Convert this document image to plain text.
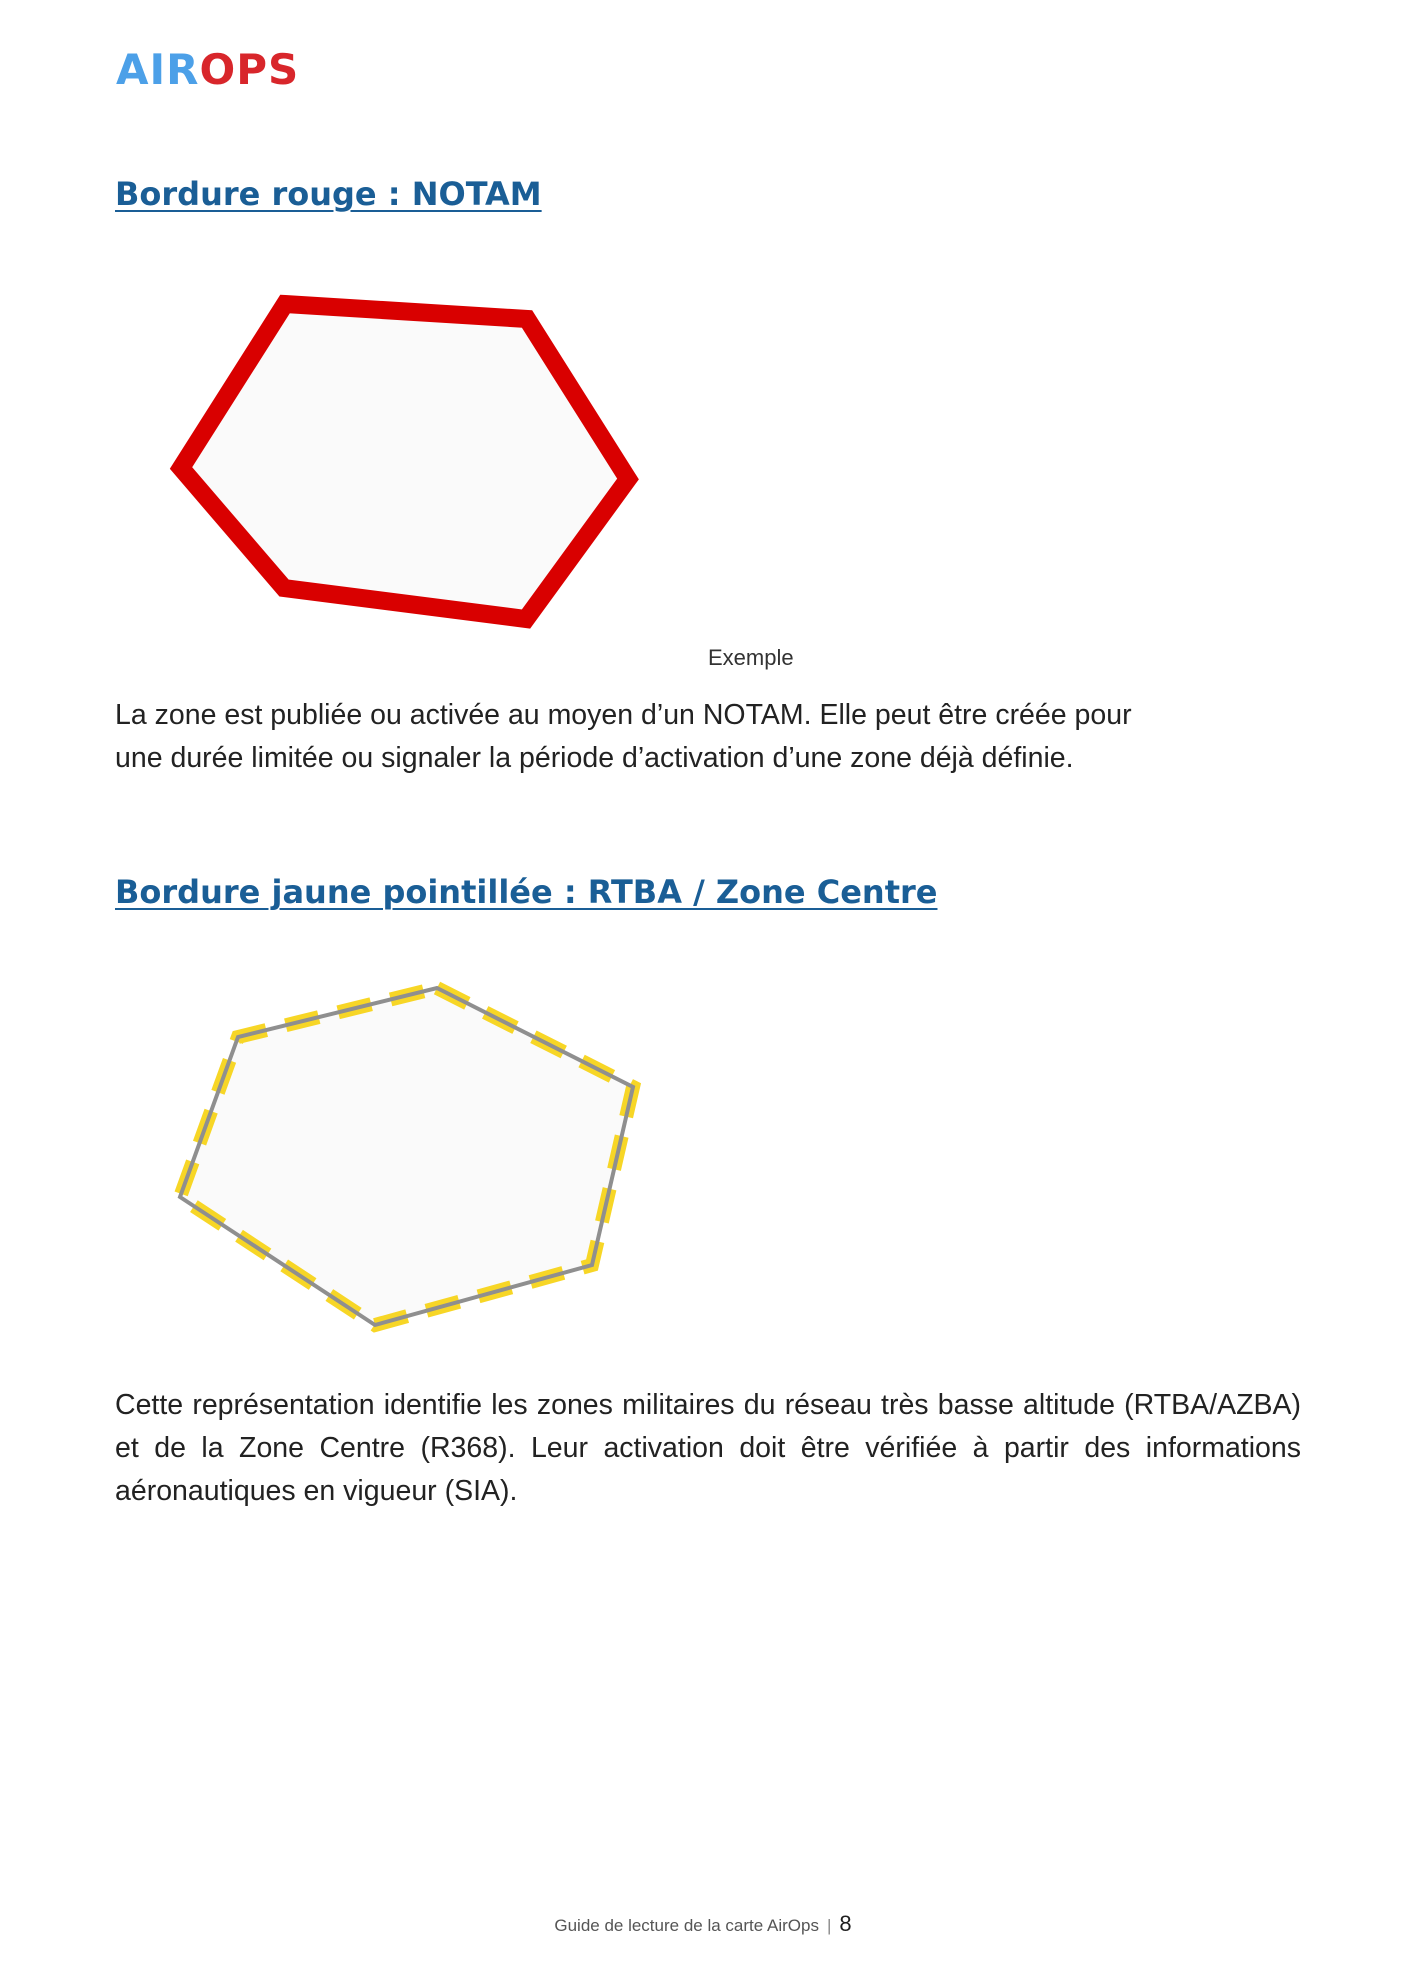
AIROPS
Bordure rouge : NOTAM
Exemple

La zone est publiée ou activée au moyen d’un NOTAM. Elle peut être créée pour
une durée limitée ou signaler la période d’activation d’une zone déjà définie.

Bordure jaune pointillée : RTBA / Zone Centre

Cette représentation identifie les zones militaires du réseau très basse altitude (RTBA/AZBA) et de la Zone Centre (R368). Leur activation doit être vérifiée à partir des informations aéronautiques en vigueur (SIA).

Guide de lecture de la carte AirOps | 8
